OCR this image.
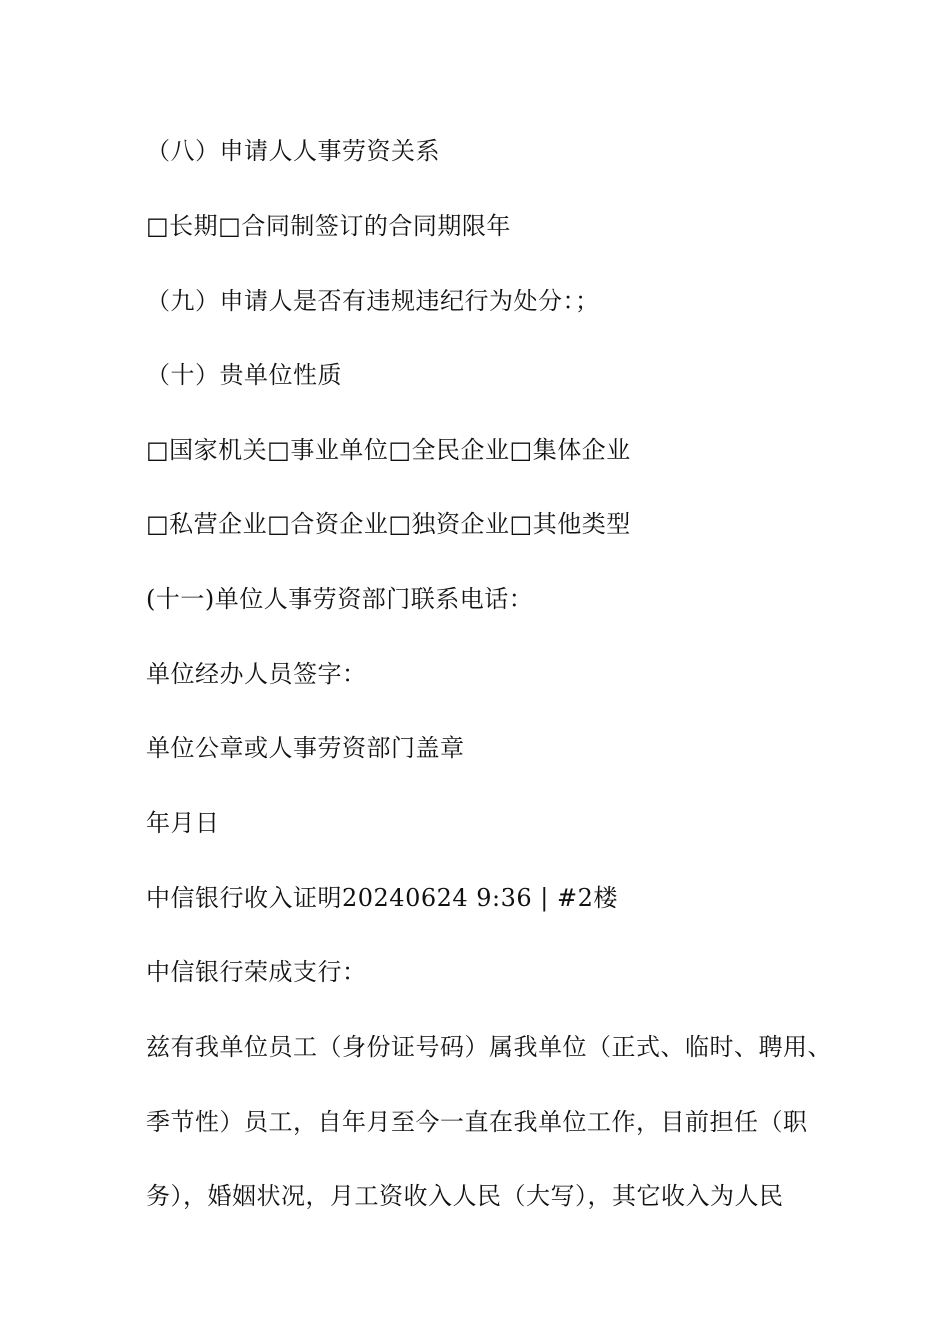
（八）申请人人事劳资关系
□长期□合同制签订的合同期限年
（九）申请人是否有违规违纪行为处分：；
（十）贵单位性质
□国家机关□事业单位□全民企业□集体企业
□私营企业□合资企业□独资企业□其他类型
(十一)单位人事劳资部门联系电话：
单位经办人员签字：
单位公章或人事劳资部门盖章
年月日
中信银行收入证明20240624 9:36 | #2楼
中信银行荣成支行：
兹有我单位员工（身份证号码）属我单位（正式、临时、聘用、
季节性）员工，自年月至今一直在我单位工作，目前担任（职
务），婚姻状况，月工资收入人民（大写），其它收入为人民
